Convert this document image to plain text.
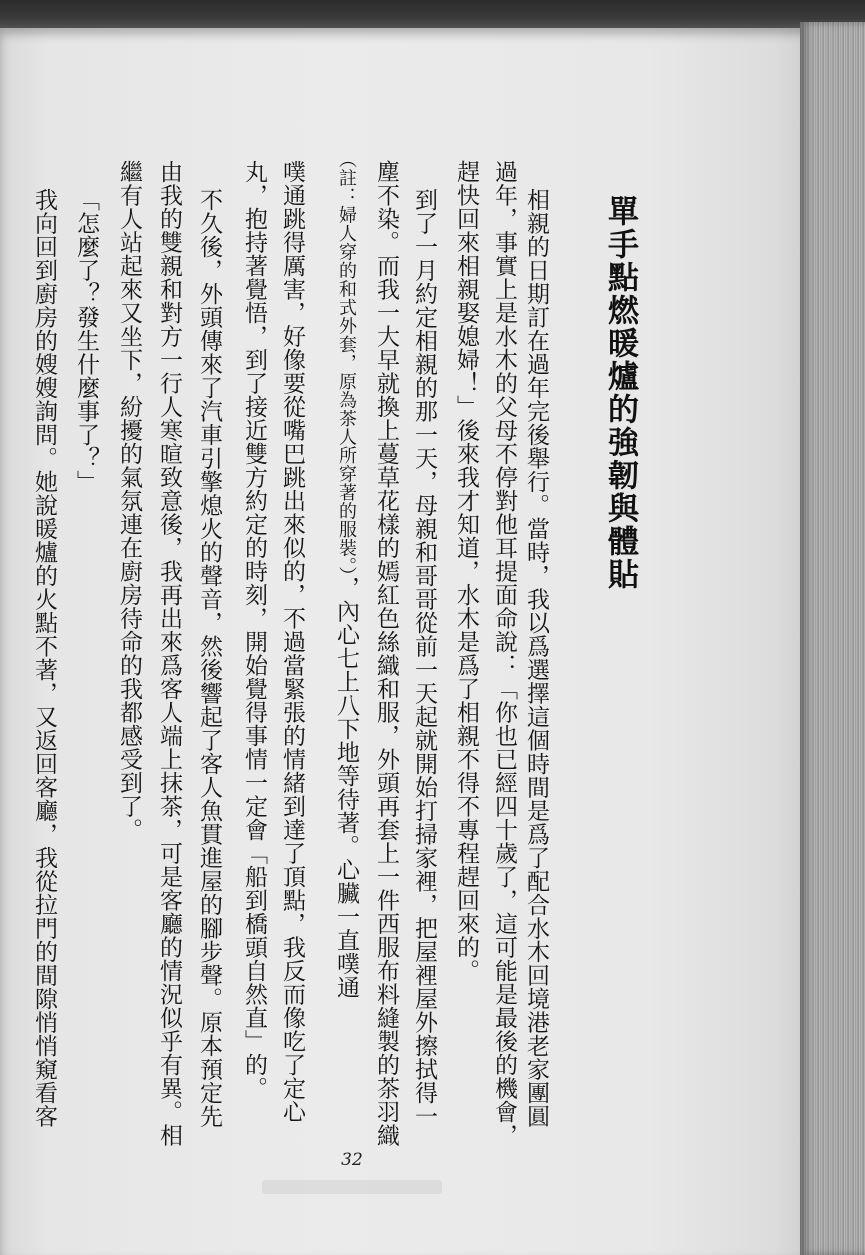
單手點燃暖爐的強韌與體貼
相親的日期訂在過年完後舉行。當時，我以爲選擇這個時間是爲了配合水木回境港老家團圓
過年，事實上是水木的父母不停對他耳提面命說：「你也已經四十歲了，這可能是最後的機會，
趕快回來相親娶媳婦！」後來我才知道，水木是爲了相親不得不專程趕回來的。
到了一月約定相親的那一天，母親和哥哥從前一天起就開始打掃家裡，把屋裡屋外擦拭得一
塵不染。而我一大早就換上蔓草花樣的嫣紅色絲織和服，外頭再套上一件西服布料縫製的茶羽織
（註：婦人穿的和式外套，原為茶人所穿著的服裝。），內心七上八下地等待著。心臟一直噗通
噗通跳得厲害，好像要從嘴巴跳出來似的，不過當緊張的情緒到達了頂點，我反而像吃了定心
丸，抱持著覺悟，到了接近雙方約定的時刻，開始覺得事情一定會「船到橋頭自然直」的。
不久後，外頭傳來了汽車引擎熄火的聲音，然後響起了客人魚貫進屋的腳步聲。原本預定先
由我的雙親和對方一行人寒暄致意後，我再出來爲客人端上抹茶，可是客廳的情況似乎有異。相
繼有人站起來又坐下，紛擾的氣氛連在廚房待命的我都感受到了。
「怎麼了？發生什麼事了？」
我向回到廚房的嫂嫂詢問。她說暖爐的火點不著，又返回客廳，我從拉門的間隙悄悄窺看客
32
